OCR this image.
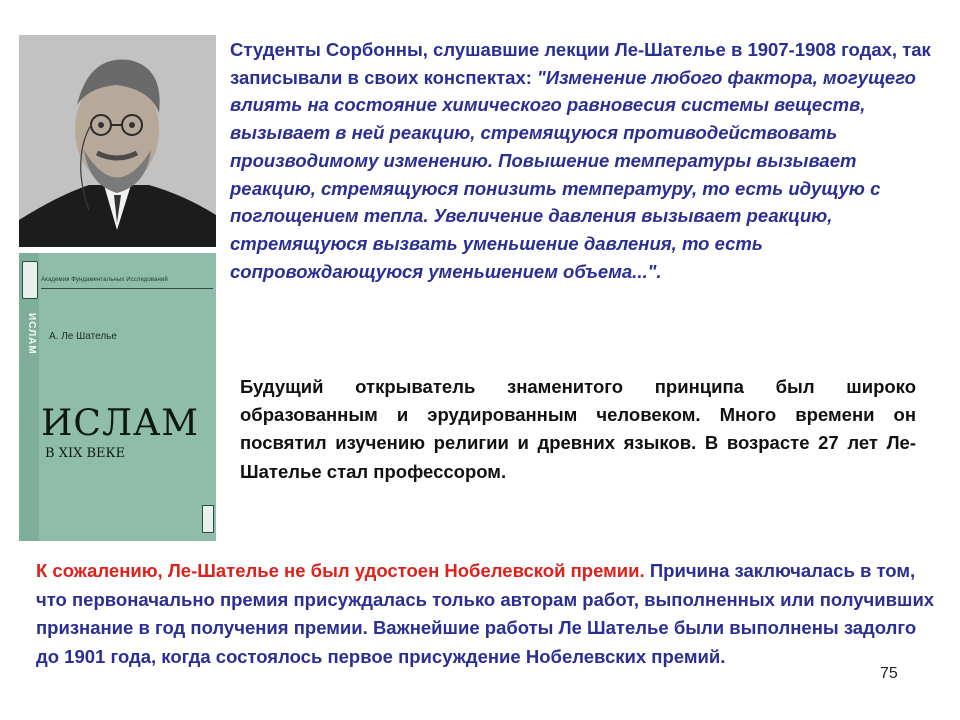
ИСЛАМ
Академия Фундаментальных Исследований
А. Ле Шателье
ИСЛАМ
В XIX ВЕКЕ
Студенты Сорбонны, слушавшие лекции Ле-Шателье в 1907-1908 годах, так записывали в своих конспектах: "Изменение любого фактора, могущего влиять на состояние химического равновесия системы веществ, вызывает в ней реакцию, стремящуюся противодействовать производимому изменению. Повышение температуры вызывает реакцию, стремящуюся понизить температуру, то есть идущую с поглощением тепла. Увеличение давления вызывает реакцию, стремящуюся вызвать уменьшение давления, то есть сопровождающуюся уменьшением объема...".
Будущий открыватель знаменитого принципа был широко образованным и эрудированным человеком. Много времени он посвятил изучению религии и древних языков. В возрасте 27 лет Ле-Шателье стал профессором.
К сожалению, Ле-Шателье не был удостоен Нобелевской премии. Причина заключалась в том, что первоначально премия присуждалась только авторам работ, выполненных или получивших признание в год получения премии. Важнейшие работы Ле Шателье были выполнены задолго до 1901 года, когда состоялось первое присуждение Нобелевских премий.
75
